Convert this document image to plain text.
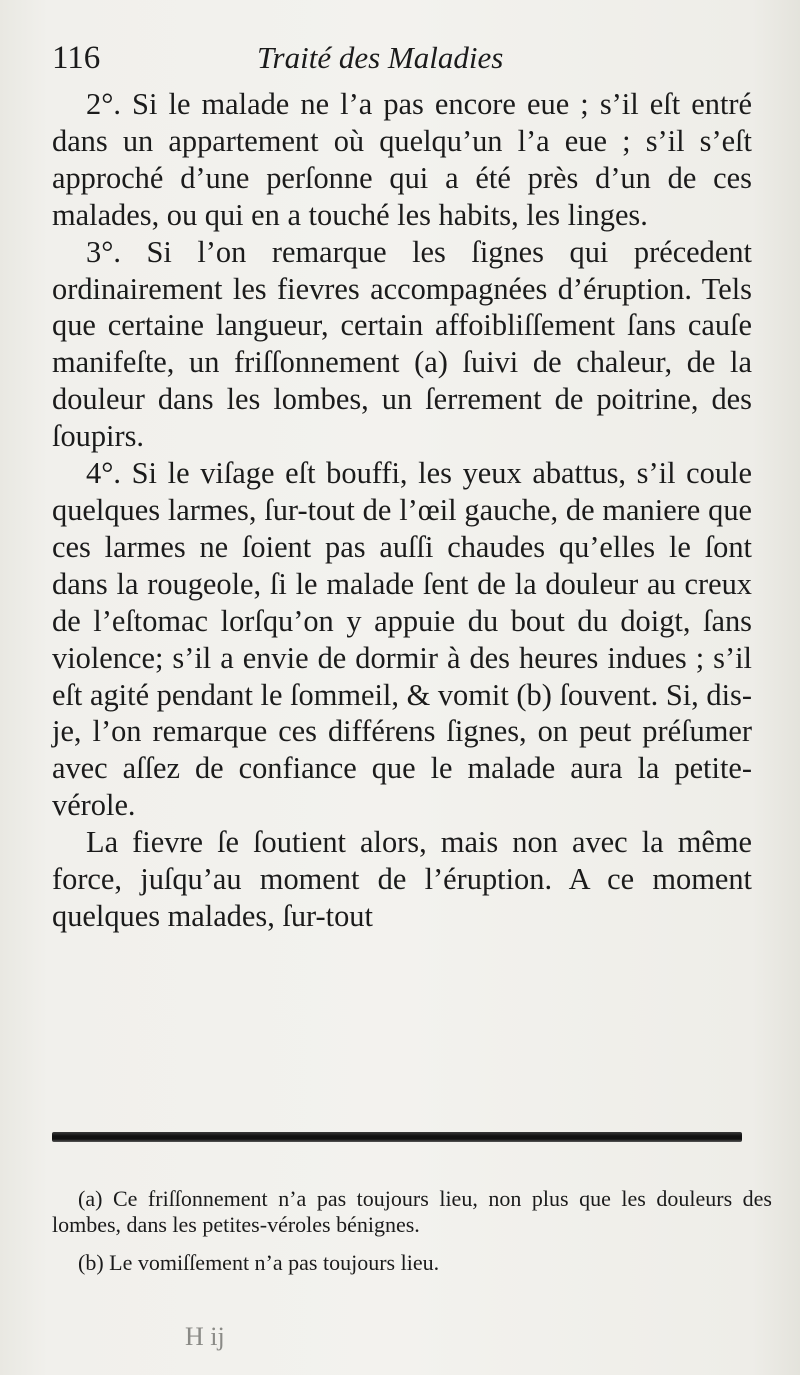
116	Traité des Maladies

2°. Si le malade ne l’a pas encore eue ; s’il eſt entré dans un appartement où quelqu’un l’a eue ; s’il s’eſt approché d’une perſonne qui a été près d’un de ces malades, ou qui en a touché les habits, les linges.

3°. Si l’on remarque les ſignes qui précedent ordinairement les fievres accompagnées d’éruption. Tels que certaine langueur, certain affoibliſſement ſans cauſe manifeſte, un friſſonnement (a) ſuivi de chaleur, de la douleur dans les lombes, un ſerrement de poitrine, des ſoupirs.

4°. Si le viſage eſt bouffi, les yeux abattus, s’il coule quelques larmes, ſur-tout de l’œil gauche, de maniere que ces larmes ne ſoient pas auſſi chaudes qu’elles le ſont dans la rougeole, ſi le malade ſent de la douleur au creux de l’eſtomac lorſqu’on y appuie du bout du doigt, ſans violence; s’il a envie de dormir à des heures indues ; s’il eſt agité pendant le ſommeil, & vomit (b) ſouvent. Si, dis-je, l’on remarque ces différens ſignes, on peut préſumer avec aſſez de confiance que le malade aura la petite-vérole.

La fievre ſe ſoutient alors, mais non avec la même force, juſqu’au moment de l’éruption. A ce moment quelques malades, ſur-tout

(a) Ce friſſonnement n’a pas toujours lieu, non plus que les douleurs des lombes, dans les petites-véroles bénignes.

(b) Le vomiſſement n’a pas toujours lieu.

H ij
